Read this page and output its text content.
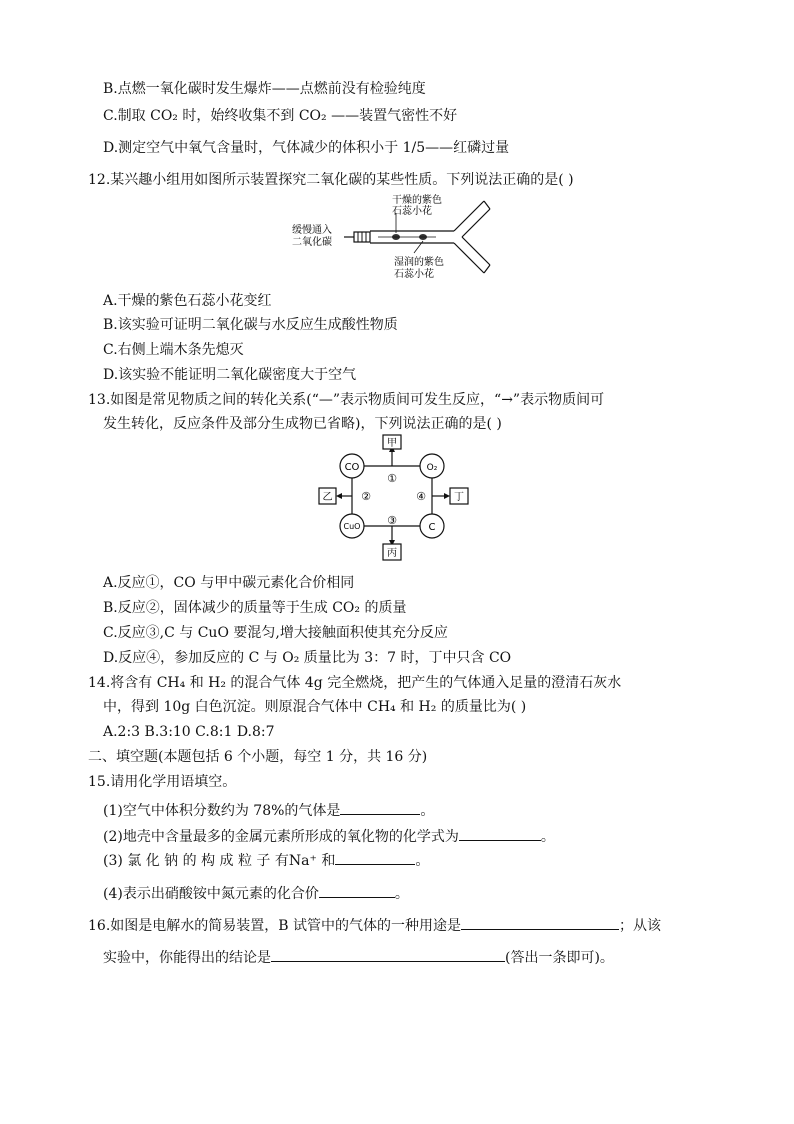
B.点燃一氧化碳时发生爆炸——点燃前没有检验纯度
C.制取 CO₂ 时，始终收集不到 CO₂ ——装置气密性不好
D.测定空气中氧气含量时，气体减少的体积小于 1/5——红磷过量
12.某兴趣小组用如图所示装置探究二氧化碳的某些性质。下列说法正确的是( )
干燥的紫色
石蕊小花
缓慢通入
二氧化碳
湿润的紫色
石蕊小花
A.干燥的紫色石蕊小花变红
B.该实验可证明二氧化碳与水反应生成酸性物质
C.右侧上端木条先熄灭
D.该实验不能证明二氧化碳密度大于空气
13.如图是常见物质之间的转化关系(“—”表示物质间可发生反应，“→”表示物质间可
发生转化，反应条件及部分生成物已省略)，下列说法正确的是( )
甲
丙
乙	丁
CO	O₂
CuO	C
①
②
③
④
A.反应①，CO 与甲中碳元素化合价相同
B.反应②，固体减少的质量等于生成 CO₂ 的质量
C.反应③,C 与 CuO 要混匀,增大接触面积使其充分反应
D.反应④，参加反应的 C 与 O₂ 质量比为 3：7 时，丁中只含 CO
14.将含有 CH₄ 和 H₂ 的混合气体 4g 完全燃烧，把产生的气体通入足量的澄清石灰水
中，得到 10g 白色沉淀。则原混合气体中 CH₄ 和 H₂ 的质量比为( )
A.2:3 B.3:10 C.8:1 D.8:7
二、填空题(本题包括 6 个小题，每空 1 分，共 16 分)
15.请用化学用语填空。
(1)空气中体积分数约为 78%的气体是	。
(2)地壳中含量最多的金属元素所形成的氧化物的化学式为	。
(3) 氯 化 钠 的 构 成 粒 子 有Na⁺ 和	。
(4)表示出硝酸铵中氮元素的化合价	。
16.如图是电解水的简易装置，B 试管中的气体的一种用途是	；从该
实验中，你能得出的结论是	(答出一条即可)。
